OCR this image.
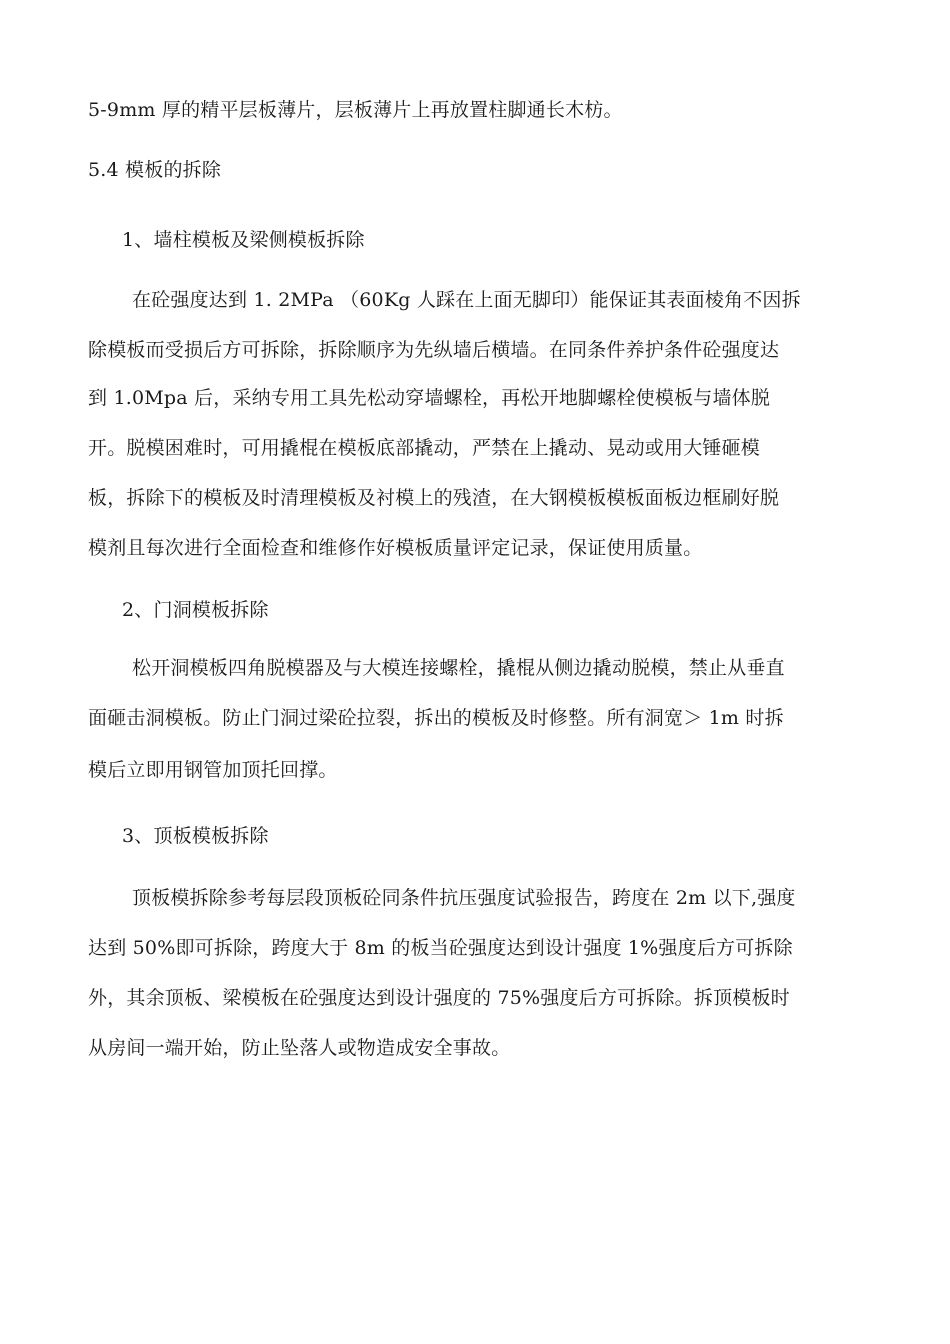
5-9mm 厚的精平层板薄片，层板薄片上再放置柱脚通长木枋。
5.4 模板的拆除
1、墙柱模板及梁侧模板拆除
在砼强度达到 1. 2MPa （60Kg 人踩在上面无脚印）能保证其表面棱角不因拆
除模板而受损后方可拆除，拆除顺序为先纵墙后横墙。在同条件养护条件砼强度达
到 1.0Mpa 后，采纳专用工具先松动穿墙螺栓，再松开地脚螺栓使模板与墙体脱
开。脱模困难时，可用撬棍在模板底部撬动，严禁在上撬动、晃动或用大锤砸模
板，拆除下的模板及时清理模板及衬模上的残渣，在大钢模板模板面板边框刷好脱
模剂且每次进行全面检查和维修作好模板质量评定记录，保证使用质量。
2、门洞模板拆除
松开洞模板四角脱模器及与大模连接螺栓，撬棍从侧边撬动脱模，禁止从垂直
面砸击洞模板。防止门洞过梁砼拉裂，拆出的模板及时修整。所有洞宽＞ 1m 时拆
模后立即用钢管加顶托回撑。
3、顶板模板拆除
顶板模拆除参考每层段顶板砼同条件抗压强度试验报告，跨度在 2m 以下,强度
达到 50%即可拆除，跨度大于 8m 的板当砼强度达到设计强度 1%强度后方可拆除
外，其余顶板、梁模板在砼强度达到设计强度的 75%强度后方可拆除。拆顶模板时
从房间一端开始，防止坠落人或物造成安全事故。
